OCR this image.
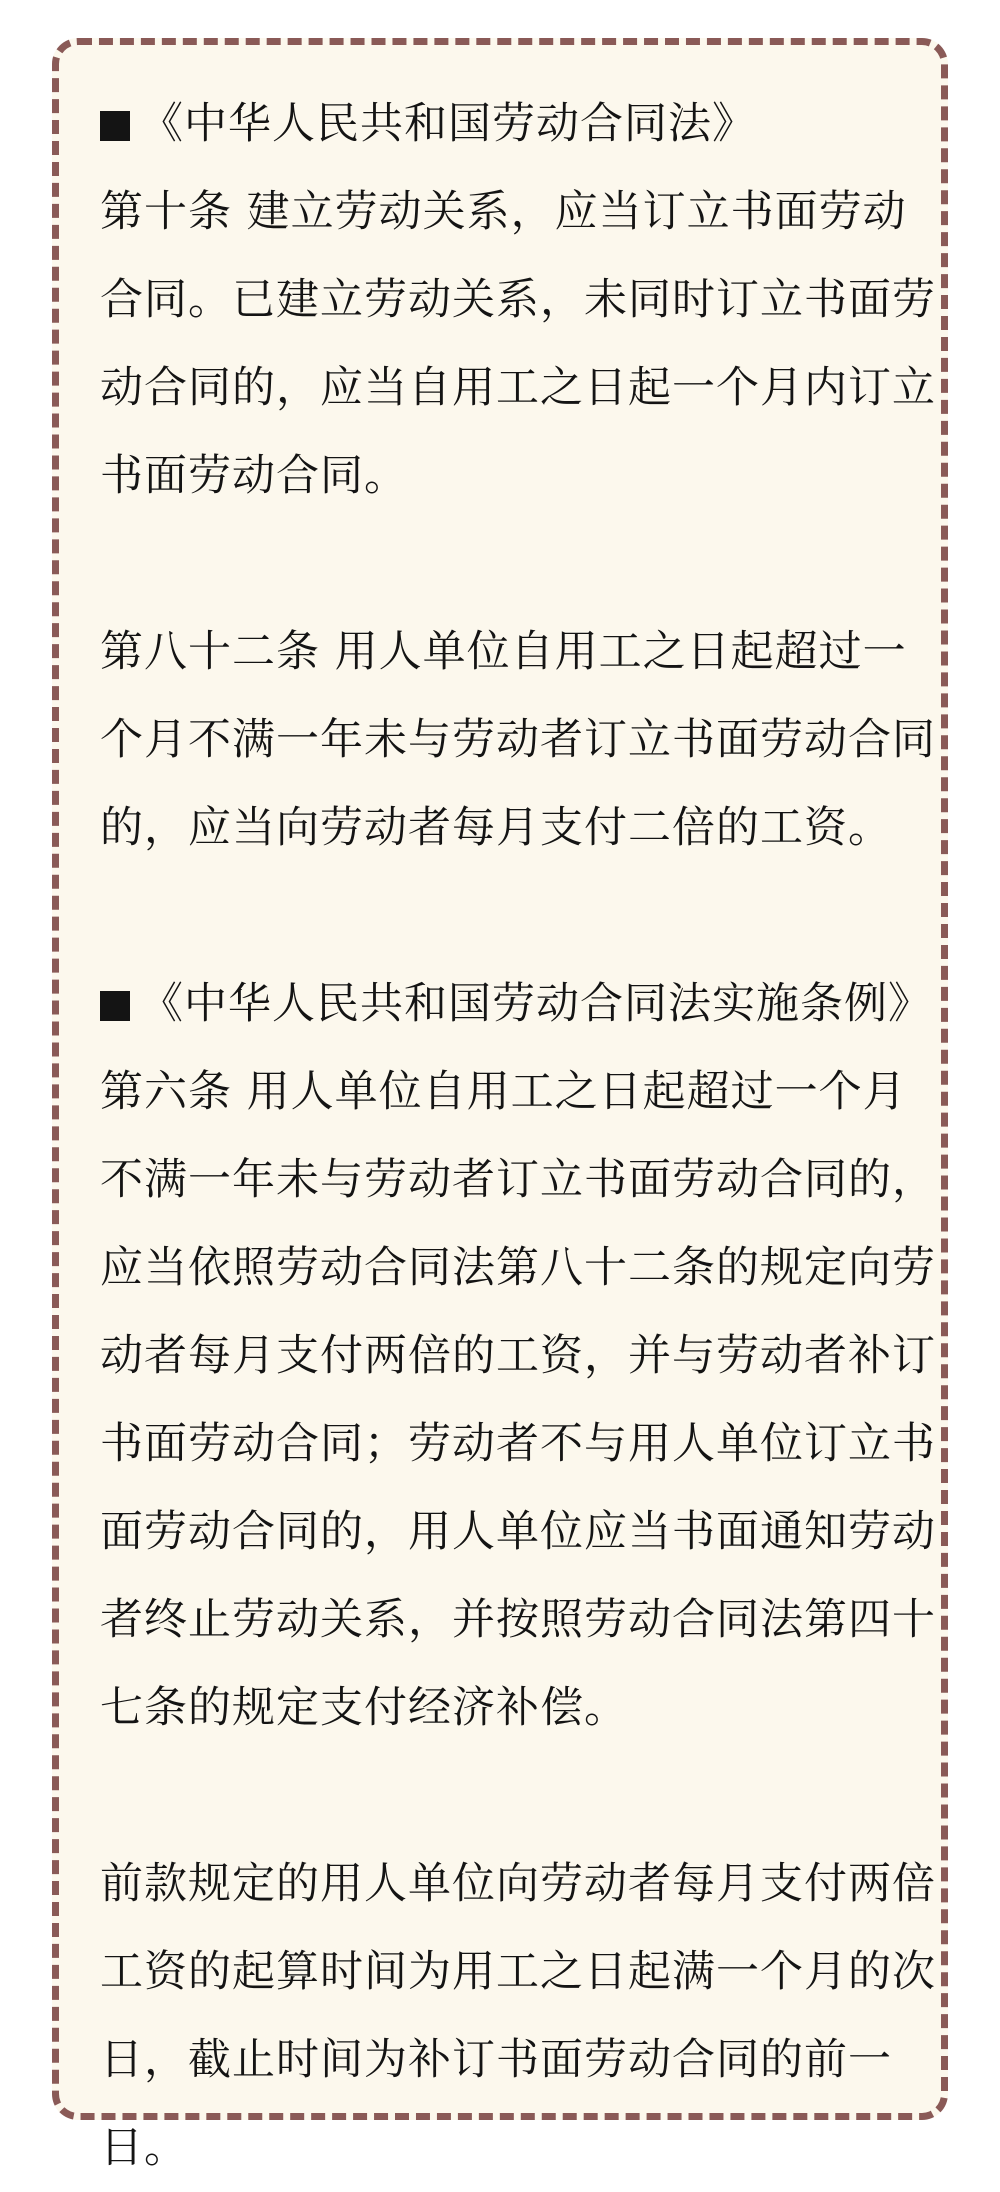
《中华人民共和国劳动合同法》
第十条 建立劳动关系，应当订立书面劳动
合同。已建立劳动关系，未同时订立书面劳
动合同的，应当自用工之日起一个月内订立
书面劳动合同。
第八十二条 用人单位自用工之日起超过一
个月不满一年未与劳动者订立书面劳动合同
的，应当向劳动者每月支付二倍的工资。
《中华人民共和国劳动合同法实施条例》
第六条 用人单位自用工之日起超过一个月
不满一年未与劳动者订立书面劳动合同的，
应当依照劳动合同法第八十二条的规定向劳
动者每月支付两倍的工资，并与劳动者补订
书面劳动合同；劳动者不与用人单位订立书
面劳动合同的，用人单位应当书面通知劳动
者终止劳动关系，并按照劳动合同法第四十
七条的规定支付经济补偿。
前款规定的用人单位向劳动者每月支付两倍
工资的起算时间为用工之日起满一个月的次
日，截止时间为补订书面劳动合同的前一
日。
